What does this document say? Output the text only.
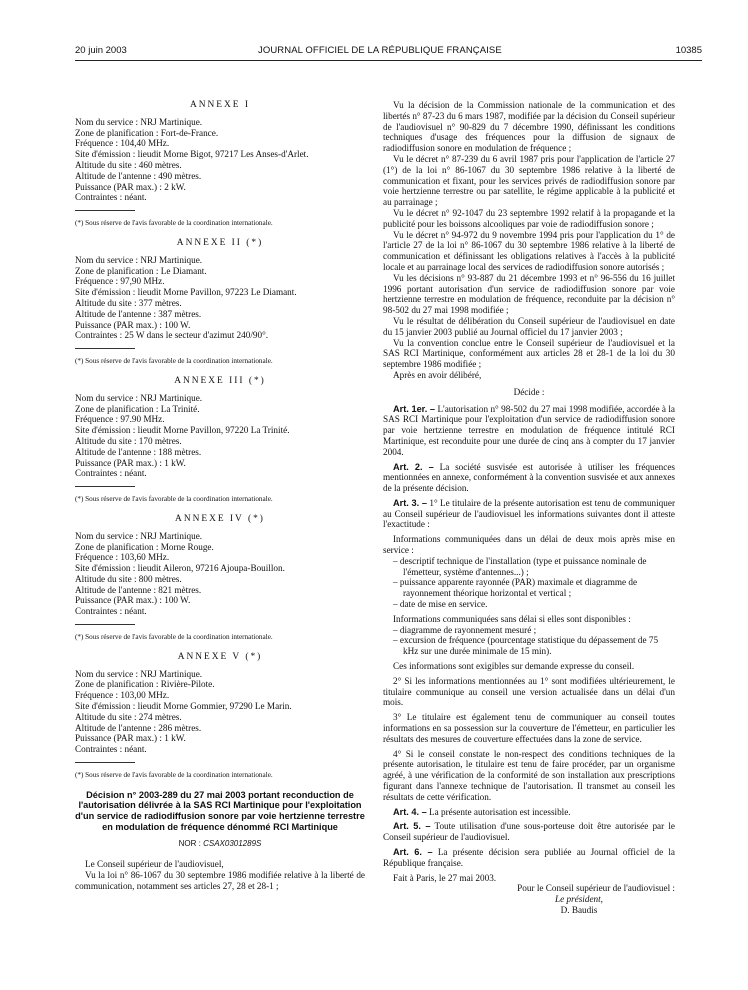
20 juin 2003	JOURNAL OFFICIEL DE LA RÉPUBLIQUE FRANÇAISE	10385
ANNEXE I
Nom du service : NRJ Martinique.
Zone de planification : Fort-de-France.
Fréquence : 104,40 MHz.
Site d'émission : lieudit Morne Bigot, 97217 Les Anses-d'Arlet.
Altitude du site : 460 mètres.
Altitude de l'antenne : 490 mètres.
Puissance (PAR max.) : 2 kW.
Contraintes : néant.
(*) Sous réserve de l'avis favorable de la coordination internationale.
ANNEXE II (*)
Nom du service : NRJ Martinique.
Zone de planification : Le Diamant.
Fréquence : 97,90 MHz.
Site d'émission : lieudit Morne Pavillon, 97223 Le Diamant.
Altitude du site : 377 mètres.
Altitude de l'antenne : 387 mètres.
Puissance (PAR max.) : 100 W.
Contraintes : 25 W dans le secteur d'azimut 240/90°.
(*) Sous réserve de l'avis favorable de la coordination internationale.
ANNEXE III (*)
Nom du service : NRJ Martinique.
Zone de planification : La Trinité.
Fréquence : 97.90 MHz.
Site d'émission : lieudit Morne Pavillon, 97220 La Trinité.
Altitude du site : 170 mètres.
Altitude de l'antenne : 188 mètres.
Puissance (PAR max.) : 1 kW.
Contraintes : néant.
(*) Sous réserve de l'avis favorable de la coordination internationale.
ANNEXE IV (*)
Nom du service : NRJ Martinique.
Zone de planification : Morne Rouge.
Fréquence : 103,60 MHz.
Site d'émission : lieudit Aileron, 97216 Ajoupa-Bouillon.
Altitude du site : 800 mètres.
Altitude de l'antenne : 821 mètres.
Puissance (PAR max.) : 100 W.
Contraintes : néant.
(*) Sous réserve de l'avis favorable de la coordination internationale.
ANNEXE V (*)
Nom du service : NRJ Martinique.
Zone de planification : Rivière-Pilote.
Fréquence : 103,00 MHz.
Site d'émission : lieudit Morne Gommier, 97290 Le Marin.
Altitude du site : 274 mètres.
Altitude de l'antenne : 286 mètres.
Puissance (PAR max.) : 1 kW.
Contraintes : néant.
(*) Sous réserve de l'avis favorable de la coordination internationale.
Décision n° 2003-289 du 27 mai 2003 portant reconduction de l'autorisation délivrée à la SAS RCI Martinique pour l'exploitation d'un service de radiodiffusion sonore par voie hertzienne terrestre en modulation de fréquence dénommé RCI Martinique
NOR : CSAX0301289S

Le Conseil supérieur de l'audiovisuel,

Vu la loi n° 86-1067 du 30 septembre 1986 modifiée relative à la liberté de communication, notamment ses articles 27, 28 et 28-1 ;

Vu la décision de la Commission nationale de la communication et des libertés n° 87-23 du 6 mars 1987, modifiée par la décision du Conseil supérieur de l'audiovisuel n° 90-829 du 7 décembre 1990, définissant les conditions techniques d'usage des fréquences pour la diffusion de signaux de radiodiffusion sonore en modulation de fréquence ;

Vu le décret n° 87-239 du 6 avril 1987 pris pour l'application de l'article 27 (1°) de la loi n° 86-1067 du 30 septembre 1986 relative à la liberté de communication et fixant, pour les services privés de radiodiffusion sonore par voie hertzienne terrestre ou par satellite, le régime applicable à la publicité et au parrainage ;

Vu le décret n° 92-1047 du 23 septembre 1992 relatif à la propagande et la publicité pour les boissons alcooliques par voie de radiodiffusion sonore ;

Vu le décret n° 94-972 du 9 novembre 1994 pris pour l'application du 1° de l'article 27 de la loi n° 86-1067 du 30 septembre 1986 relative à la liberté de communication et définissant les obligations relatives à l'accès à la publicité locale et au parrainage local des services de radiodiffusion sonore autorisés ;

Vu les décisions n° 93-887 du 21 décembre 1993 et n° 96-556 du 16 juillet 1996 portant autorisation d'un service de radiodiffusion sonore par voie hertzienne terrestre en modulation de fréquence, reconduite par la décision n° 98-502 du 27 mai 1998 modifiée ;

Vu le résultat de délibération du Conseil supérieur de l'audiovisuel en date du 15 janvier 2003 publié au Journal officiel du 17 janvier 2003 ;

Vu la convention conclue entre le Conseil supérieur de l'audiovisuel et la SAS RCI Martinique, conformément aux articles 28 et 28-1 de la loi du 30 septembre 1986 modifiée ;

Après en avoir délibéré,

Décide :

Art. 1er. – L'autorisation n° 98-502 du 27 mai 1998 modifiée, accordée à la SAS RCI Martinique pour l'exploitation d'un service de radiodiffusion sonore par voie hertzienne terrestre en modulation de fréquence intitulé RCI Martinique, est reconduite pour une durée de cinq ans à compter du 17 janvier 2004.

Art. 2. – La société susvisée est autorisée à utiliser les fréquences mentionnées en annexe, conformément à la convention susvisée et aux annexes de la présente décision.

Art. 3. – 1° Le titulaire de la présente autorisation est tenu de communiquer au Conseil supérieur de l'audiovisuel les informations suivantes dont il atteste l'exactitude :

Informations communiquées dans un délai de deux mois après mise en service :

– descriptif technique de l'installation (type et puissance nominale de l'émetteur, système d'antennes...) ;

– puissance apparente rayonnée (PAR) maximale et diagramme de rayonnement théorique horizontal et vertical ;

– date de mise en service.

Informations communiquées sans délai si elles sont disponibles :

– diagramme de rayonnement mesuré ;

– excursion de fréquence (pourcentage statistique du dépassement de 75 kHz sur une durée minimale de 15 min).

Ces informations sont exigibles sur demande expresse du conseil.

2° Si les informations mentionnées au 1° sont modifiées ultérieurement, le titulaire communique au conseil une version actualisée dans un délai d'un mois.

3° Le titulaire est également tenu de communiquer au conseil toutes informations en sa possession sur la couverture de l'émetteur, en particulier les résultats des mesures de couverture effectuées dans la zone de service.

4° Si le conseil constate le non-respect des conditions techniques de la présente autorisation, le titulaire est tenu de faire procéder, par un organisme agréé, à une vérification de la conformité de son installation aux prescriptions figurant dans l'annexe technique de l'autorisation. Il transmet au conseil les résultats de cette vérification.

Art. 4. – La présente autorisation est incessible.

Art. 5. – Toute utilisation d'une sous-porteuse doit être autorisée par le Conseil supérieur de l'audiovisuel.

Art. 6. – La présente décision sera publiée au Journal officiel de la République française.

Fait à Paris, le 27 mai 2003.

Pour le Conseil supérieur de l'audiovisuel :

Le président,

D. Baudis
